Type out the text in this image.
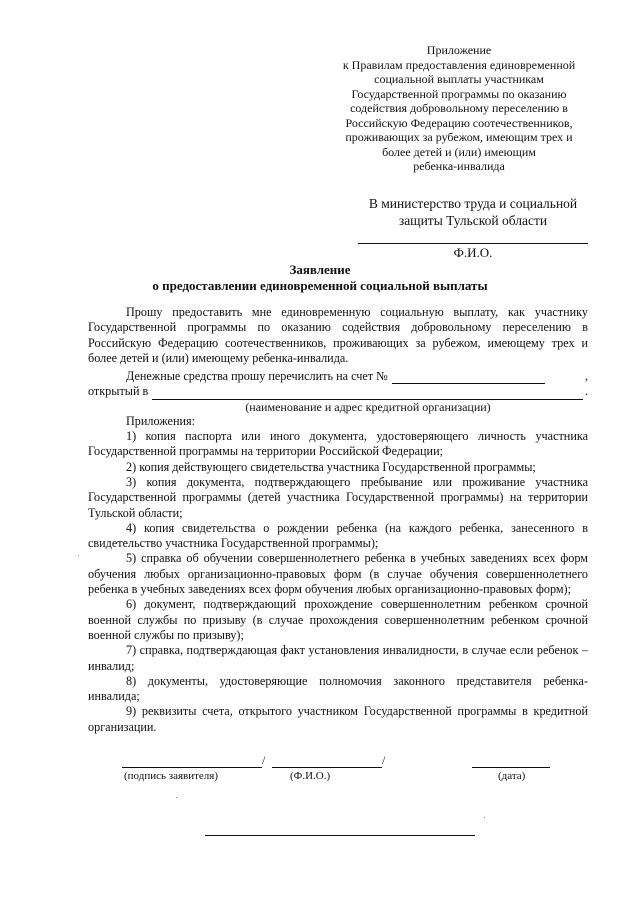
Приложение
к Правилам предоставления единовременной
социальной выплаты участникам
Государственной программы по оказанию
содействия добровольному переселению в
Российскую Федерацию соотечественников,
проживающих за рубежом, имеющим трех и
более детей и (или) имеющим
ребенка-инвалида
В министерство труда и социальной
защиты Тульской области
Ф.И.О.
Заявление
о предоставлении единовременной социальной выплаты

Прошу предоставить мне единовременную социальную выплату, как участнику Государственной программы по оказанию содействия добровольному переселению в Российскую Федерацию соотечественников, проживающих за рубежом, имеющему трех и более детей и (или) имеющему ребенка-инвалида.

Денежные средства прошу перечислить на счет №	,

открытый в	.

(наименование и адрес кредитной организации)

Приложения:

1) копия паспорта или иного документа, удостоверяющего личность участника Государственной программы на территории Российской Федерации;

2) копия действующего свидетельства участника Государственной программы;

3) копия документа, подтверждающего пребывание или проживание участника Государственной программы (детей участника Государственной программы) на территории Тульской области;

4) копия свидетельства о рождении ребенка (на каждого ребенка, занесенного в свидетельство участника Государственной программы);

5) справка об обучении совершеннолетнего ребенка в учебных заведениях всех форм обучения любых организационно-правовых форм (в случае обучения совершеннолетнего ребенка в учебных заведениях всех форм обучения любых организационно-правовых форм);

6) документ, подтверждающий прохождение совершеннолетним ребенком срочной военной службы по призыву (в случае прохождения совершеннолетним ребенком срочной военной службы по призыву);

7) справка, подтверждающая факт установления инвалидности, в случае если ребенок – инвалид;

8) документы, удостоверяющие полномочия законного представителя ребенка-инвалида;

9) реквизиты счета, открытого участником Государственной программы в кредитной организации.

/	/
(подпись заявителя)	(Ф.И.О.)	(дата)
